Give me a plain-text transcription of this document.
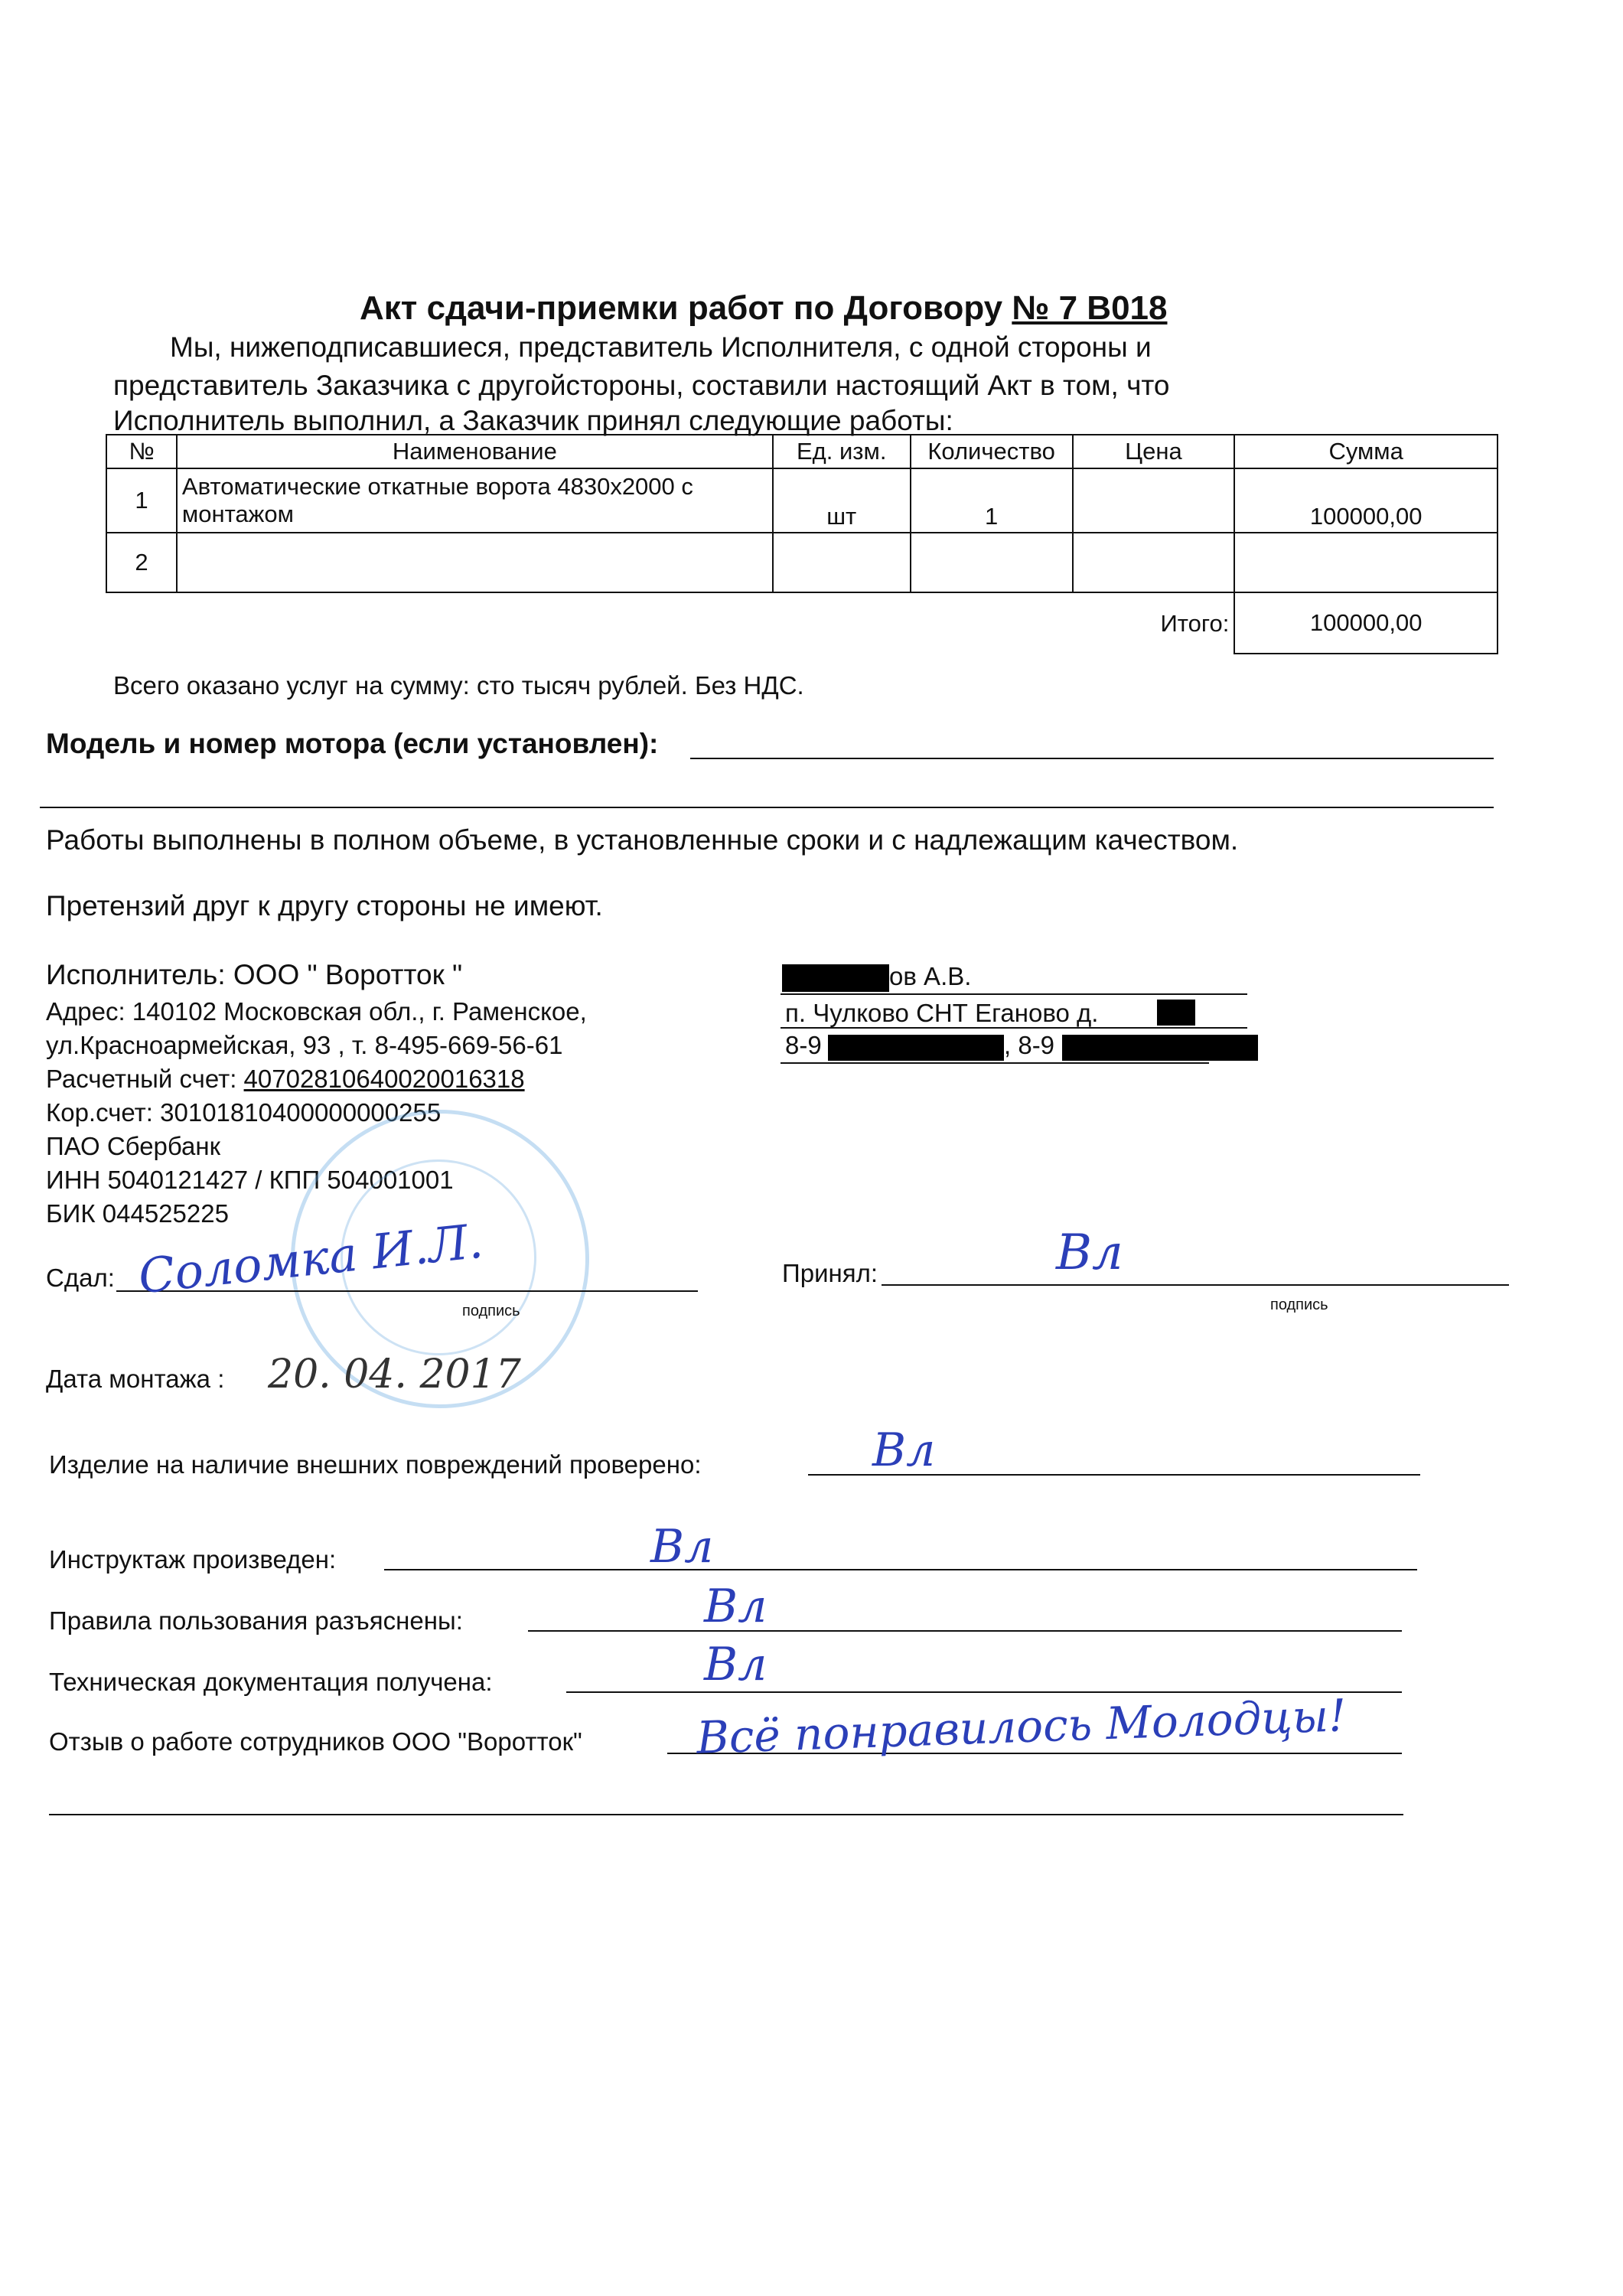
Акт сдачи-приемки работ по Договору № 7 В018
Мы, нижеподписавшиеся, представитель Исполнителя, с одной стороны и
представитель Заказчика с другойстороны, составили настоящий Акт в том, что
Исполнитель выполнил, а Заказчик принял следующие работы:
№	Наименование	Ед. изм.	Количество	Цена	Сумма
1	Автоматические откатные ворота 4830х2000 с
монтажом	шт	1		100000,00
2					
				Итого:	100000,00
Всего оказано услуг на сумму: сто тысяч рублей. Без НДС.
Модель и номер мотора (если установлен):
Работы выполнены в полном объеме, в установленные сроки и с надлежащим качеством.
Претензий друг к другу стороны не имеют.
Исполнитель: ООО " Воротток "
Адрес: 140102 Московская обл., г. Раменское,
ул.Красноармейская, 93 , т. 8-495-669-56-61
Расчетный счет: 40702810640020016318
Кор.счет: 30101810400000000255
ПАО Сбербанк
ИНН 5040121427 / КПП 504001001
БИК 044525225
ов А.В.
п. Чулково СНТ Еганово д.
8-9	, 8-9
Сдал: Соломка И.Л.
подпись
Принял:	Вл
подпись
Дата монтажа : 20. 04. 2017
Изделие на наличие внешних повреждений проверено:	Вл
Инструктаж произведен:	Вл
Правила пользования разъяснены:	Вл
Техническая документация получена:	Вл
Отзыв о работе сотрудников ООО "Воротток"	Всё понравилось Молодцы!
